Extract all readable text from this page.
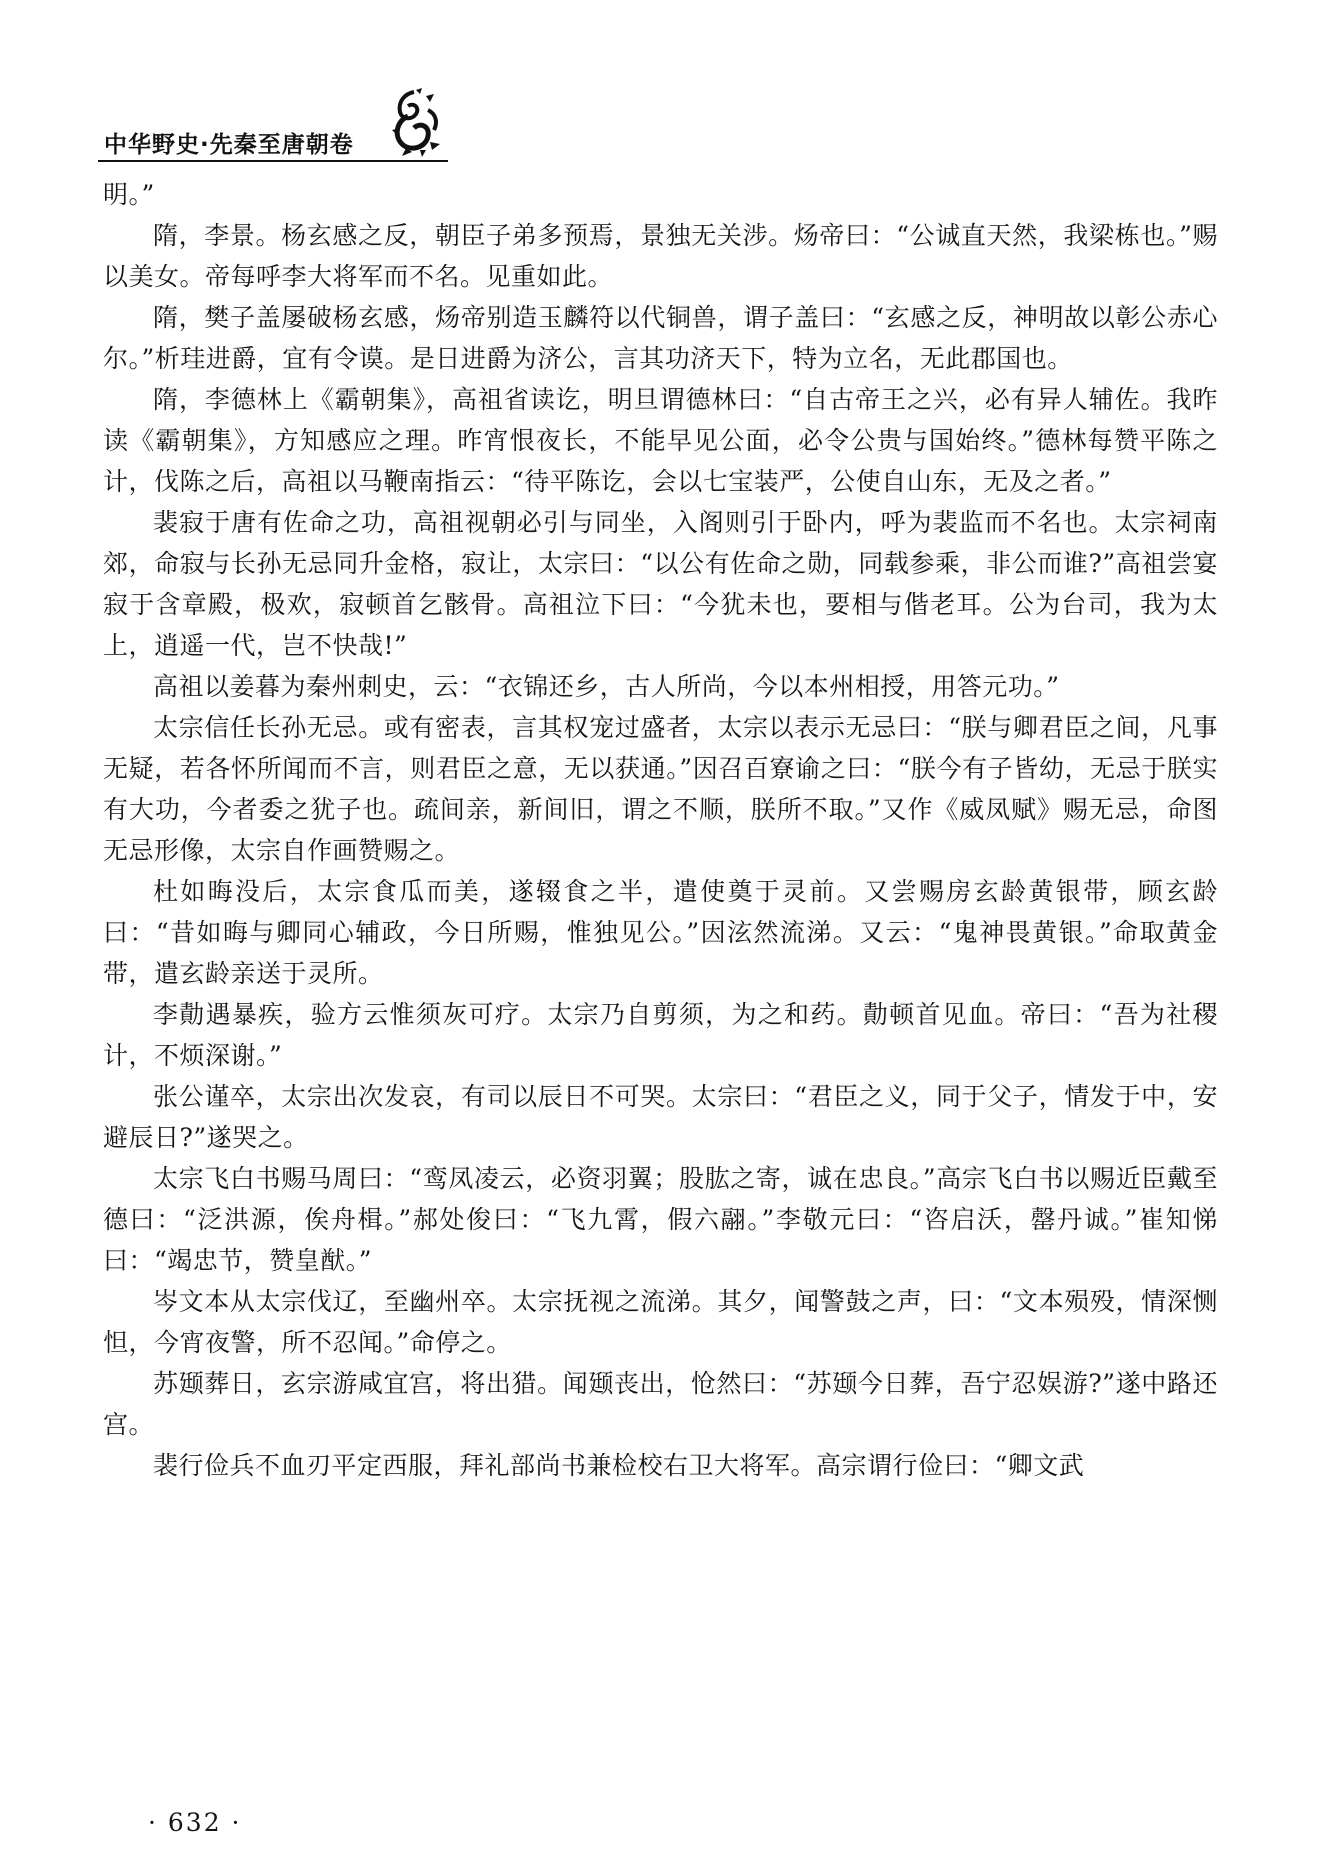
中华野史·先秦至唐朝卷

明。”

隋，李景。杨玄感之反，朝臣子弟多预焉，景独无关涉。炀帝曰：“公诚直天然，我梁栋也。”赐以美女。帝每呼李大将军而不名。见重如此。

隋，樊子盖屡破杨玄感，炀帝别造玉麟符以代铜兽，谓子盖曰：“玄感之反，神明故以彰公赤心尔。”析珪进爵，宜有令谟。是日进爵为济公，言其功济天下，特为立名，无此郡国也。

隋，李德林上《霸朝集》，高祖省读讫，明旦谓德林曰：“自古帝王之兴，必有异人辅佐。我昨读《霸朝集》，方知感应之理。昨宵恨夜长，不能早见公面，必令公贵与国始终。”德林每赞平陈之计，伐陈之后，高祖以马鞭南指云：“待平陈讫，会以七宝装严，公使自山东，无及之者。”

裴寂于唐有佐命之功，高祖视朝必引与同坐，入阁则引于卧内，呼为裴监而不名也。太宗祠南郊，命寂与长孙无忌同升金格，寂让，太宗曰：“以公有佐命之勋，同载参乘，非公而谁?”高祖尝宴寂于含章殿，极欢，寂顿首乞骸骨。高祖泣下曰：“今犹未也，要相与偕老耳。公为台司，我为太上，逍遥一代，岂不快哉!”

高祖以姜暮为秦州刺史，云：“衣锦还乡，古人所尚，今以本州相授，用答元功。”

太宗信任长孙无忌。或有密表，言其权宠过盛者，太宗以表示无忌曰：“朕与卿君臣之间，凡事无疑，若各怀所闻而不言，则君臣之意，无以获通。”因召百寮谕之曰：“朕今有子皆幼，无忌于朕实有大功，今者委之犹子也。疏间亲，新间旧，谓之不顺，朕所不取。”又作《威凤赋》赐无忌，命图无忌形像，太宗自作画赞赐之。

杜如晦没后，太宗食瓜而美，遂辍食之半，遣使奠于灵前。又尝赐房玄龄黄银带，顾玄龄曰：“昔如晦与卿同心辅政，今日所赐，惟独见公。”因泫然流涕。又云：“鬼神畏黄银。”命取黄金带，遣玄龄亲送于灵所。

李勣遇暴疾，验方云惟须灰可疗。太宗乃自剪须，为之和药。勣顿首见血。帝曰：“吾为社稷计，不烦深谢。”

张公谨卒，太宗出次发哀，有司以辰日不可哭。太宗曰：“君臣之义，同于父子，情发于中，安避辰日?”遂哭之。

太宗飞白书赐马周曰：“鸾凤凌云，必资羽翼；股肱之寄，诚在忠良。”高宗飞白书以赐近臣戴至德曰：“泛洪源，俟舟楫。”郝处俊曰：“飞九霄，假六翮。”李敬元曰：“咨启沃，罄丹诚。”崔知悌曰：“竭忠节，赞皇猷。”

岑文本从太宗伐辽，至幽州卒。太宗抚视之流涕。其夕，闻警鼓之声，曰：“文本殒殁，情深恻怛，今宵夜警，所不忍闻。”命停之。

苏颋葬日，玄宗游咸宜宫，将出猎。闻颋丧出，怆然曰：“苏颋今日葬，吾宁忍娱游?”遂中路还宫。

裴行俭兵不血刃平定西服，拜礼部尚书兼检校右卫大将军。高宗谓行俭曰：“卿文武

· 632 ·
